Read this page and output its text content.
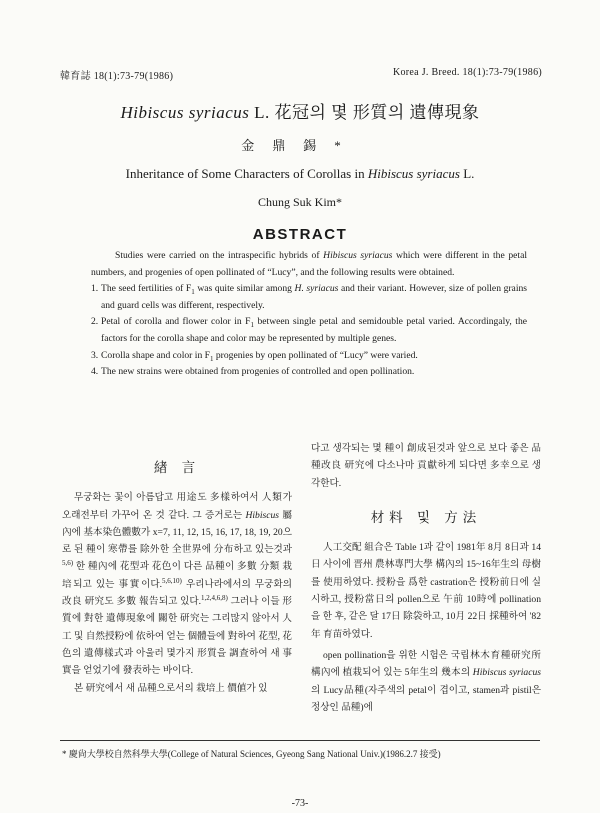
韓育誌 18(1):73-79(1986)	Korea J. Breed. 18(1):73-79(1986)
Hibiscus syriacus L. 花冠의 몇 形質의 遺傳現象
金鼎錫*
Inheritance of Some Characters of Corollas in Hibiscus syriacus L.
Chung Suk Kim*
ABSTRACT

Studies were carried on the intraspecific hybrids of Hibiscus syriacus which were different in the petal numbers, and progenies of open pollinated of “Lucy”, and the following results were obtained.

1. The seed fertilities of $F_1$ was quite similar among H. syriacus and their variant. However, size of pollen grains and guard cells was different, respectively.
2. Petal of corolla and flower color in $F_1$ between single petal and semidouble petal varied. Accordingaly, the factors for the corolla shape and color may be represented by multiple genes.
3. Corolla shape and color in $F_1$ progenies by open pollinated of “Lucy” were varied.
4. The new strains were obtained from progenies of controlled and open pollination.
緖 言

무궁화는 꽃이 아름답고 用途도 多樣하여서 人類가 오래전부터 가꾸어 온 것 같다. 그 증거로는 Hibiscus 屬內에 基本染色體數가 x=7, 11, 12, 15, 16, 17, 18, 19, 20으로 된 種이 寒帶를 除外한 全世界에 分布하고 있는것과$^{5,6)}$ 한 種內에 花型과 花色이 다른 品種이 多數 分類 栽培되고 있는 事實이다.$^{5,6,10)}$ 우리나라에서의 무궁화의 改良 研究도 多數 報告되고 있다.$^{1,2,4,6,8)}$ 그러나 이들 形質에 對한 遺傳現象에 關한 研究는 그리많지 않아서 人工 및 自然授粉에 依하여 얻는 個體들에 對하여 花型, 花色의 遺傳樣式과 아울러 몇가지 形質을 調査하여 새 事實을 얻었기에 發表하는 바이다.

본 研究에서 새 品種으로서의 栽培上 價値가 있

다고 생각되는 몇 種이 創成된것과 앞으로 보다 좋은 品種改良 研究에 다소나마 貢獻하게 되다면 多幸으로 생각한다.

材料 및 方法

人工交配 組合은 Table 1과 같이 1981年 8月 8日과 14日 사이에 晋州 農林專門大學 構內의 15~16年生의 母樹를 使用하였다. 授粉을 爲한 castration은 授粉前日에 실시하고, 授粉當日의 pollen으로 午前 10時에 pollination을 한 후, 같은 달 17日 除袋하고, 10月 22日 採種하여 '82年 育苗하였다.

open pollination을 위한 시험은 국립林木育種研究所 構內에 植栽되어 있는 5年生의 幾本의 Hibiscus syriacus의 Lucy品種(자주색의 petal이 겹이고, stamen과 pistil은 정상인 品種)에

* 慶尙大學校自然科學大學(College of Natural Sciences, Gyeong Sang National Univ.)(1986.2.7 接受)
-73-
